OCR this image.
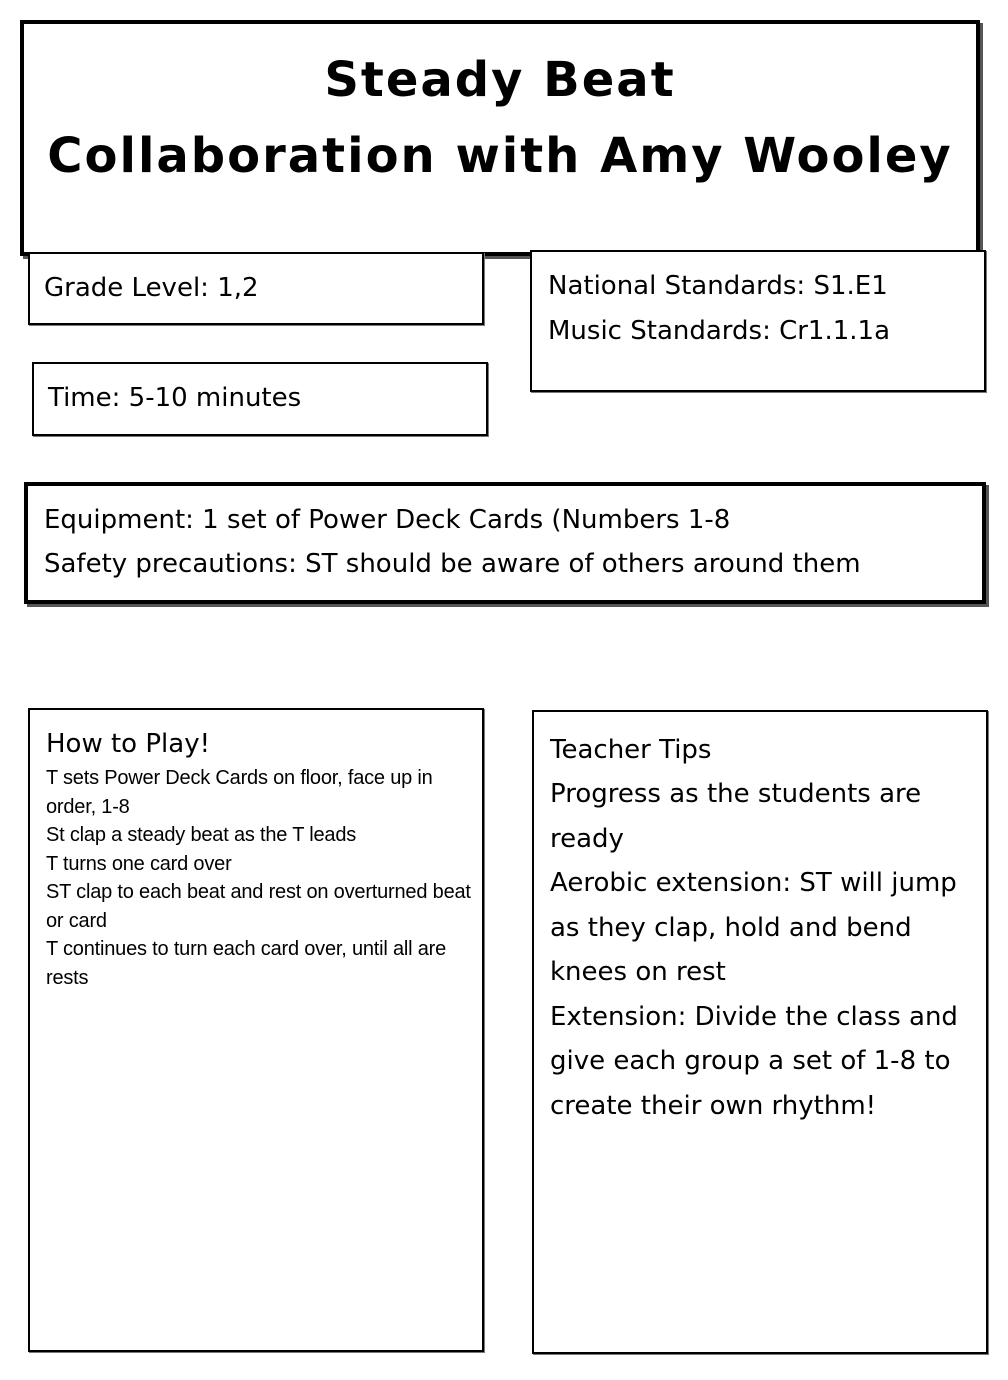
Steady Beat
Collaboration with Amy Wooley
Grade Level: 1,2
Time: 5-10 minutes
National Standards: S1.E1
Music Standards: Cr1.1.1a
Equipment: 1 set of Power Deck Cards (Numbers 1-8
Safety precautions: ST should be aware of others around them
How to Play!
T sets Power Deck Cards on floor, face up in order, 1-8
St clap a steady beat as the T leads
T turns one card over
ST clap to each beat and rest on overturned beat or card
T continues to turn each card over, until all are rests
Teacher Tips
Progress as the students are ready
Aerobic extension: ST will jump as they clap, hold and bend knees on rest
Extension: Divide the class and give each group a set of 1-8 to create their own rhythm!
